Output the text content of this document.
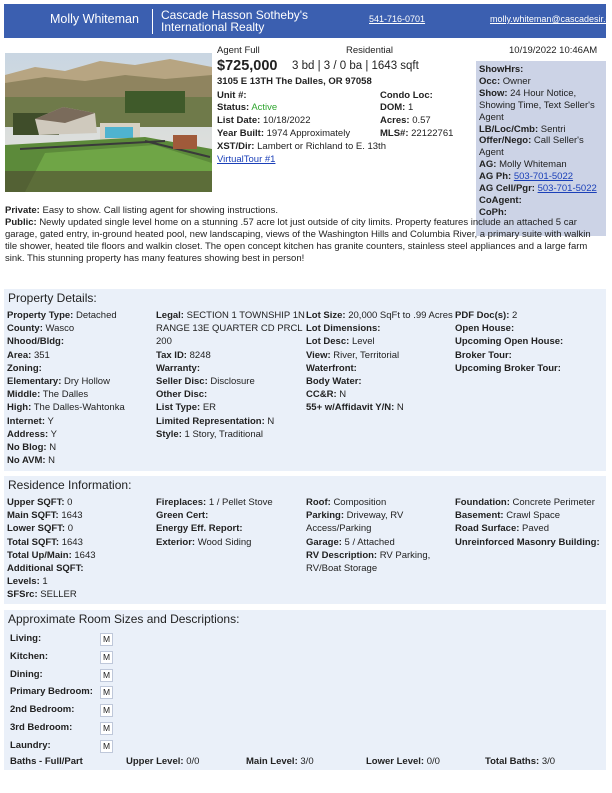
Molly Whiteman Cascade Hasson Sotheby's International Realty
541-716-0701	molly.whiteman@cascadesir.c
Agent Full	Residential	10/19/2022 10:46AM
$725,000 3 bd | 3 / 0 ba | 1643 sqft
3105 E 13TH The Dalles, OR 97058
Unit #:	Condo Loc:
Status: Active	DOM: 1
List Date: 10/18/2022	Acres: 0.57
Year Built: 1974 Approximately	MLS#: 22122761
XST/Dir: Lambert or Richland to E. 13th
VirtualTour #1
ShowHrs:
Occ: Owner
Show: 24 Hour Notice, Showing Time, Text Seller's Agent
LB/Loc/Cmb: Sentri
Offer/Nego: Call Seller's Agent
AG: Molly Whiteman
AG Ph: 503-701-5022
AG Cell/Pgr: 503-701-5022
CoAgent:
CoPh:
Private: Easy to show. Call listing agent for showing instructions.
Public: Newly updated single level home on a stunning .57 acre lot just outside of city limits. Property features include an attached 5 car garage, gated entry, in-ground heated pool, new landscaping, views of the Washington Hills and Columbia River, a primary suite with walkin tile shower, heated tile floors and walkin closet. The open concept kitchen has granite counters, stainless steel appliances and a large farm sink. This stunning property has many features showing best in person!
Property Details:
Property Type: Detached
County: Wasco
Nhood/Bldg:
Area: 351
Zoning:
Elementary: Dry Hollow
Middle: The Dalles
High: The Dalles-Wahtonka
Internet: Y
Address: Y
No Blog: N
No AVM: N
Legal: SECTION 1 TOWNSHIP 1N RANGE 13E QUARTER CD PRCL 200
Tax ID: 8248
Warranty:
Seller Disc: Disclosure
Other Disc:
List Type: ER
Limited Representation: N
Style: 1 Story, Traditional
Lot Size: 20,000 SqFt to .99 Acres
Lot Dimensions:
Lot Desc: Level
View: River, Territorial
Waterfront:
Body Water:
CC&R: N
55+ w/Affidavit Y/N: N
PDF Doc(s): 2
Open House:
Upcoming Open House:
Broker Tour:
Upcoming Broker Tour:
Residence Information:
Upper SQFT: 0
Main SQFT: 1643
Lower SQFT: 0
Total SQFT: 1643
Total Up/Main: 1643
Additional SQFT:
Levels: 1
SFSrc: SELLER
Fireplaces: 1 / Pellet Stove
Green Cert:
Energy Eff. Report:
Exterior: Wood Siding
Roof: Composition
Parking: Driveway, RV Access/Parking
Garage: 5 / Attached
RV Description: RV Parking, RV/Boat Storage
Foundation: Concrete Perimeter
Basement: Crawl Space
Road Surface: Paved
Unreinforced Masonry Building:
Approximate Room Sizes and Descriptions:
Living:	M
Kitchen:	M
Dining:	M
Primary Bedroom:	M
2nd Bedroom:	M
3rd Bedroom:	M
Laundry:	M
Baths - Full/Part	Upper Level: 0/0	Main Level: 3/0	Lower Level: 0/0	Total Baths: 3/0
